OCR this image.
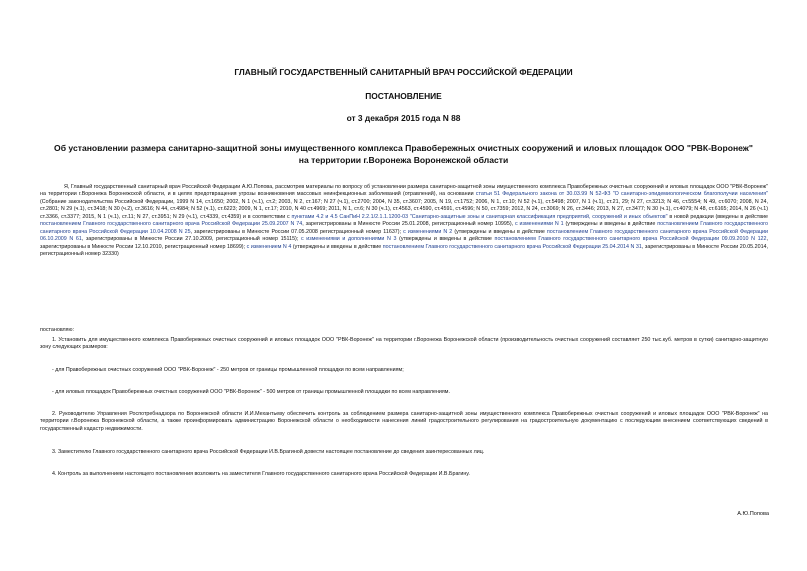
ГЛАВНЫЙ ГОСУДАРСТВЕННЫЙ САНИТАРНЫЙ ВРАЧ РОССИЙСКОЙ ФЕДЕРАЦИИ
ПОСТАНОВЛЕНИЕ
от 3 декабря 2015 года N 88
Об установлении размера санитарно-защитной зоны имущественного комплекса Правобережных очистных сооружений и иловых площадок ООО "РВК-Воронеж"
на территории г.Воронежа Воронежской области
Я, Главный государственный санитарный врач Российской Федерации А.Ю.Попова, рассмотрев материалы по вопросу об установлении размера санитарно-защитной зоны имущественного комплекса Правобережных очистных сооружений и иловых площадок ООО "РВК-Воронеж" на территории г.Воронежа Воронежской области, и в целях предотвращения угрозы возникновения массовых неинфекционных заболеваний (отравлений), на основании статьи 51 Федерального закона от 30.03.99 N 52-ФЗ "О санитарно-эпидемиологическом благополучии населения" (Собрание законодательства Российской Федерации, 1999 N 14, ст.1650; 2002, N 1 (ч.1), ст.2; 2003, N 2, ст.167; N 27 (ч.1), ст.2700; 2004, N 35, ст.3607; 2005, N 19, ст.1752; 2006, N 1, ст.10; N 52 (ч.1), ст.5498; 2007, N 1 (ч.1), ст.21, 29; N 27, ст.3213; N 46, ст.5554; N 49, ст.6070; 2008, N 24, ст.2801; N 29 (ч.1), ст.3418; N 30 (ч.2), ст.3616; N 44, ст.4984; N 52 (ч.1), ст.6223; 2009, N 1, ст.17; 2010, N 40 ст.4969; 2011, N 1, ст.6; N 30 (ч.1), ст.4563, ст.4590, ст.4591, ст.4596; N 50, ст.7359; 2012, N 24, ст.3069; N 26, ст.3446; 2013, N 27, ст.3477; N 30 (ч.1), ст.4079; N 48, ст.6165; 2014, N 26 (ч.1) ст.3366, ст.3377; 2015, N 1 (ч.1), ст.11; N 27, ст.3951; N 29 (ч.1), ст.4339, ст.4359) и в соответствии с пунктами 4.2 и 4.5 СанПиН 2.2.1/2.1.1.1200-03 "Санитарно-защитные зоны и санитарная классификация предприятий, сооружений и иных объектов" в новой редакции (введены в действие постановлением Главного государственного санитарного врача Российской Федерации 25.09.2007 N 74, зарегистрированы в Минюсте России 25.01.2008, регистрационный номер 10995), с изменениями N 1 (утверждены и введены в действие постановлением Главного государственного санитарного врача Российской Федерации 10.04.2008 N 25, зарегистрированы в Минюсте России 07.05.2008 регистрационный номер 11637); с изменениями N 2 (утверждены и введены в действие постановлением Главного государственного санитарного врача Российской Федерации 06.10.2009 N 61, зарегистрированы в Минюсте России 27.10.2009, регистрационный номер 15115); с изменениями и дополнениями N 3 (утверждены и введены в действие постановлением Главного государственного санитарного врача Российской Федерации 09.09.2010 N 122, зарегистрированы в Минюсте России 12.10.2010, регистрационный номер 18699); с изменением N 4 (утверждены и введены в действие постановлением Главного государственного санитарного врача Российской Федерации 25.04.2014 N 31, зарегистрированы в Минюсте России 20.05.2014, регистрационный номер 32330)
постановляю:
1. Установить для имущественного комплекса Правобережных очистных сооружений и иловых площадок ООО "РВК-Воронеж" на территории г.Воронежа Воронежской области (производительность очистных сооружений составляет 250 тыс.куб. метров в сутки) санитарно-защитную зону следующих размеров:
- для Правобережных очистных сооружений ООО "РВК-Воронеж" - 250 метров от границы промышленной площадки по всем направлениям;
- для иловых площадок Правобережных очистных сооружений ООО "РВК-Воронеж" - 500 метров от границы промышленной площадки по всем направлениям.
2. Руководителю Управления Роспотребнадзора по Воронежской области И.И.Механтьеву обеспечить контроль за соблюдением размера санитарно-защитной зоны имущественного комплекса Правобережных очистных сооружений и иловых площадок ООО "РВК-Воронеж" на территории г.Воронежа Воронежской области, а также проинформировать администрацию Воронежской области о необходимости нанесения линий градостроительного регулирования на градостроительную документацию с последующим внесением соответствующих сведений в государственный кадастр недвижимости.
3. Заместителю Главного государственного санитарного врача Российской Федерации И.В.Брагиной довести настоящее постановление до сведения заинтересованных лиц.
4. Контроль за выполнением настоящего постановления возложить на заместителя Главного государственного санитарного врача Российской Федерации И.В.Брагину.
А.Ю.Попова
